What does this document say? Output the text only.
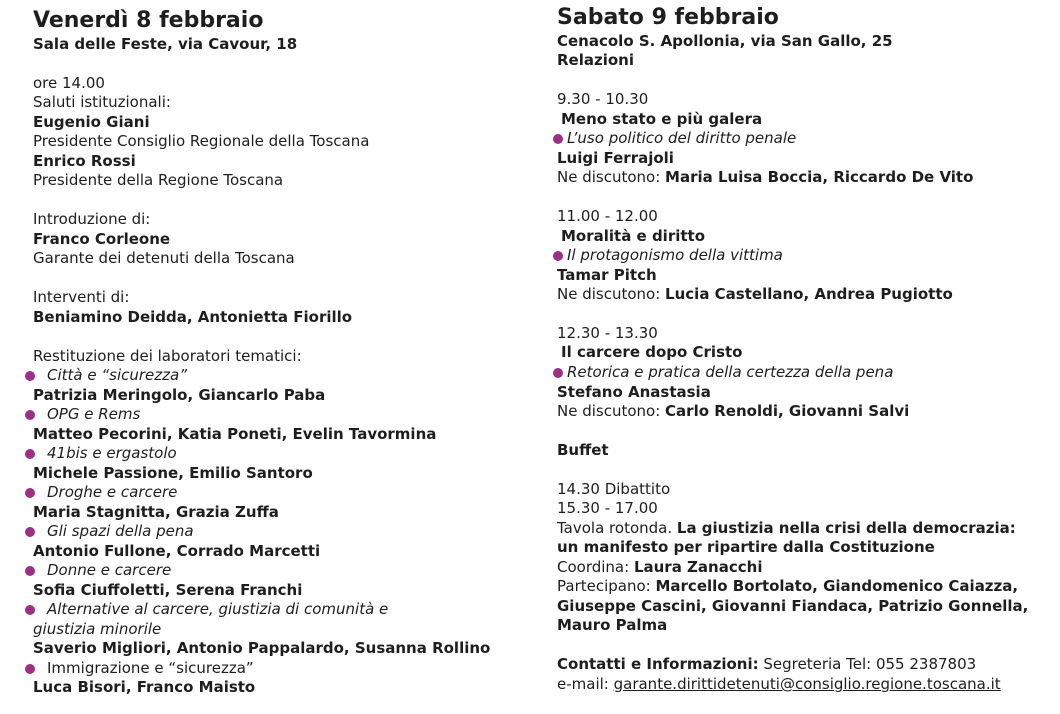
Venerdì 8 febbraio
Sala delle Feste, via Cavour, 18
ore 14.00
Saluti istituzionali:
Eugenio Giani
Presidente Consiglio Regionale della Toscana
Enrico Rossi
Presidente della Regione Toscana
Introduzione di:
Franco Corleone
Garante dei detenuti della Toscana
Interventi di:
Beniamino Deidda, Antonietta Fiorillo
Restituzione dei laboratori tematici:
Città e “sicurezza”
Patrizia Meringolo, Giancarlo Paba
OPG e Rems
Matteo Pecorini, Katia Poneti, Evelin Tavormina
41bis e ergastolo
Michele Passione, Emilio Santoro
Droghe e carcere
Maria Stagnitta, Grazia Zuffa
Gli spazi della pena
Antonio Fullone, Corrado Marcetti
Donne e carcere
Sofia Ciuffoletti, Serena Franchi
Alternative al carcere, giustizia di comunità e
giustizia minorile
Saverio Migliori, Antonio Pappalardo, Susanna Rollino
Immigrazione e “sicurezza”
Luca Bisori, Franco Maisto
Sabato 9 febbraio
Cenacolo S. Apollonia, via San Gallo, 25
Relazioni
9.30 - 10.30
Meno stato e più galera
L’uso politico del diritto penale
Luigi Ferrajoli
Ne discutono: Maria Luisa Boccia, Riccardo De Vito
11.00 - 12.00
Moralità e diritto
Il protagonismo della vittima
Tamar Pitch
Ne discutono: Lucia Castellano, Andrea Pugiotto
12.30 - 13.30
Il carcere dopo Cristo
Retorica e pratica della certezza della pena
Stefano Anastasia
Ne discutono: Carlo Renoldi, Giovanni Salvi
Buffet
14.30 Dibattito
15.30 - 17.00
Tavola rotonda. La giustizia nella crisi della democrazia:
un manifesto per ripartire dalla Costituzione
Coordina: Laura Zanacchi
Partecipano: Marcello Bortolato, Giandomenico Caiazza,
Giuseppe Cascini, Giovanni Fiandaca, Patrizio Gonnella,
Mauro Palma
Contatti e Informazioni: Segreteria Tel: 055 2387803
e-mail: garante.dirittidetenuti@consiglio.regione.toscana.it
